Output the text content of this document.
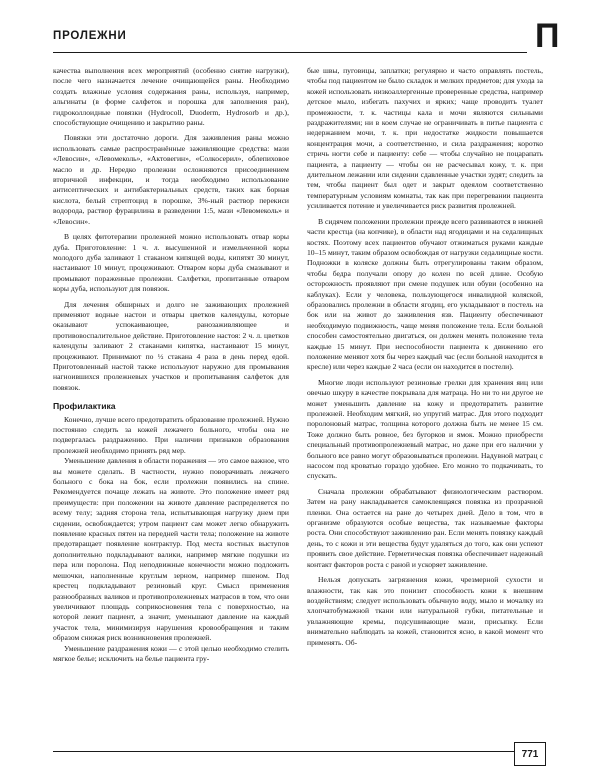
ПРОЛЕЖНИ	П

качества выполнения всех мероприятий (особенно снятие нагрузки), после чего назначается лечение очищающейся раны. Необходимо создать влажные условия содержания раны, используя, например, альгинаты (в форме салфеток и порошка для заполнения ран), гидроколлоидные повязки (Hydrocoll, Duoderm, Hydrosorb и др.), способствующие очищению и закрытию раны.

Повязки эти достаточно дороги. Для заживления раны можно использовать самые распространённые заживляющие средства: мази «Левосин», «Левомеколь», «Актовегин», «Солкосерил», облепиховое масло и др. Нередко пролежни осложняются присоединением вторичной инфекции, и тогда необходимо использование антисептических и антибактериальных средств, таких как борная кислота, белый стрептоцид в порошке, 3%-ный раствор перекиси водорода, раствор фурацилина в разведении 1:5, мази «Левомеколь» и «Левосин».

В целях фитотерапии пролежней можно использовать отвар коры дуба. Приготовление: 1 ч. л. высушенной и измельченной коры молодого дуба заливают 1 стаканом кипящей воды, кипятят 30 минут, настаивают 10 минут, процеживают. Отваром коры дуба смазывают и промывают пораженные пролежни. Салфетки, пропитанные отваром коры дуба, используют для повязок.

Для лечения обширных и долго не заживающих пролежней применяют водные настои и отвары цветков календулы, которые оказывают успокаивающее, ранозаживляющее и противовоспалительное действие. Приготовление настоя: 2 ч. л. цветков календулы заливают 2 стаканами кипятка, настаивают 15 минут, процеживают. Принимают по ½ стакана 4 раза в день перед едой. Приготовленный настой также используют наружно для промывания нагноившихся пролежневых участков и пропитывания салфеток для повязок.

Профилактика

Конечно, лучше всего предотвратить образование пролежней. Нужно постоянно следить за кожей лежачего больного, чтобы она не подвергалась раздражению. При наличии признаков образования пролежней необходимо принять ряд мер.

Уменьшение давления в области поражения — это самое важное, что вы можете сделать. В частности, нужно поворачивать лежачего больного с бока на бок, если пролежни появились на спине. Рекомендуется почаще лежать на животе. Это положение имеет ряд преимуществ: при положении на животе давление распределяется по всему телу; задняя сторона тела, испытывающая нагрузку днем при сидении, освобождается; утром пациент сам может легко обнаружить появление красных пятен на передней части тела; положение на животе предотвращает появление контрактур. Под места костных выступов дополнительно подкладывают валики, например мягкие подушки из пера или поролона. Под неподвижные конечности можно подложить мешочки, наполненные круглым зерном, например пшеном. Под крестец подкладывают резиновый круг. Смысл применения разнообразных валиков и противопролежневых матрасов в том, что они увеличивают площадь соприкосновения тела с поверхностью, на которой лежит пациент, а значит, уменьшают давление на каждый участок тела, минимизируя нарушения кровообращения и таким образом снижая риск возникновения пролежней.

Уменьшение раздражения кожи — с этой целью необходимо стелить мягкое белье; исключить на белье пациента гру-

бые швы, пуговицы, заплатки; регулярно и часто оправлять постель, чтобы под пациентом не было складок и мелких предметов; для ухода за кожей использовать низкоаллергенные проверенные средства, например детское мыло, избегать пахучих и ярких; чаще проводить туалет промежности, т. к. частицы кала и мочи являются сильными раздражителями; ни в коем случае не ограничивать в питье пациента с недержанием мочи, т. к. при недостатке жидкости повышается концентрация мочи, а соответственно, и сила раздражения; коротко стричь ногти себе и пациенту: себе — чтобы случайно не поцарапать пациента, а пациенту — чтобы он не расчесывал кожу, т. к. при длительном лежании или сидении сдавленные участки зудят; следить за тем, чтобы пациент был одет и закрыт одеялом соответственно температурным условиям комнаты, так как при перегревании пациента усиливается потение и увеличивается риск развития пролежней.

В сидячем положении пролежни прежде всего развиваются в нижней части крестца (на копчике), в области над ягодицами и на седалищных костях. Поэтому всех пациентов обучают отжиматься руками каждые 10–15 минут, таким образом освобождая от нагрузки седалищные кости. Подножки в коляске должны быть отрегулированы таким образом, чтобы бедра получали опору до колен по всей длине. Особую осторожность проявляют при смене подушек или обуви (особенно на каблуках). Если у человека, пользующегося инвалидной коляской, образовались пролежни в области ягодиц, его укладывают в постель на бок или на живот до заживления язв. Пациенту обеспечивают необходимую подвижность, чаще меняя положение тела. Если больной способен самостоятельно двигаться, он должен менять положение тела каждые 15 минут. При неспособности пациента к движению его положение меняют хотя бы через каждый час (если больной находится в кресле) или через каждые 2 часа (если он находится в постели).

Многие люди используют резиновые грелки для хранения яиц или овечью шкуру в качестве покрывала для матраца. Но ни то ни другое не может уменьшить давление на кожу и предотвратить развитие пролежней. Необходим мягкий, но упругий матрас. Для этого подходит поролоновый матрас, толщина которого должна быть не менее 15 см. Тоже должно быть ровное, без бугорков и ямок. Можно приобрести специальный противопролежневый матрас, но даже при его наличии у больного все равно могут образовываться пролежни. Надувной матрац с насосом под кроватью гораздо удобнее. Его можно то подкачивать, то спускать.

Сначала пролежни обрабатывают физиологическим раствором. Затем на рану накладывается самоклеящаяся повязка из прозрачной пленки. Она остается на ране до четырех дней. Дело в том, что в организме образуются особые вещества, так называемые факторы роста. Они способствуют заживлению ран. Если менять повязку каждый день, то с кожи и эти вещества будут удаляться до того, как они успеют проявить свое действие. Герметическая повязка обеспечивает надежный контакт факторов роста с раной и ускоряет заживление.

Нельзя допускать загрязнения кожи, чрезмерной сухости и влажности, так как это понизит способность кожи к внешним воздействиям; следует использовать обычную воду, мыло и мочалку из хлопчатобумажной ткани или натуральной губки, питательные и увлажняющие кремы, подсушивающие мази, присыпку. Если внимательно наблюдать за кожей, становится ясно, в какой момент что применять. Об-

771
